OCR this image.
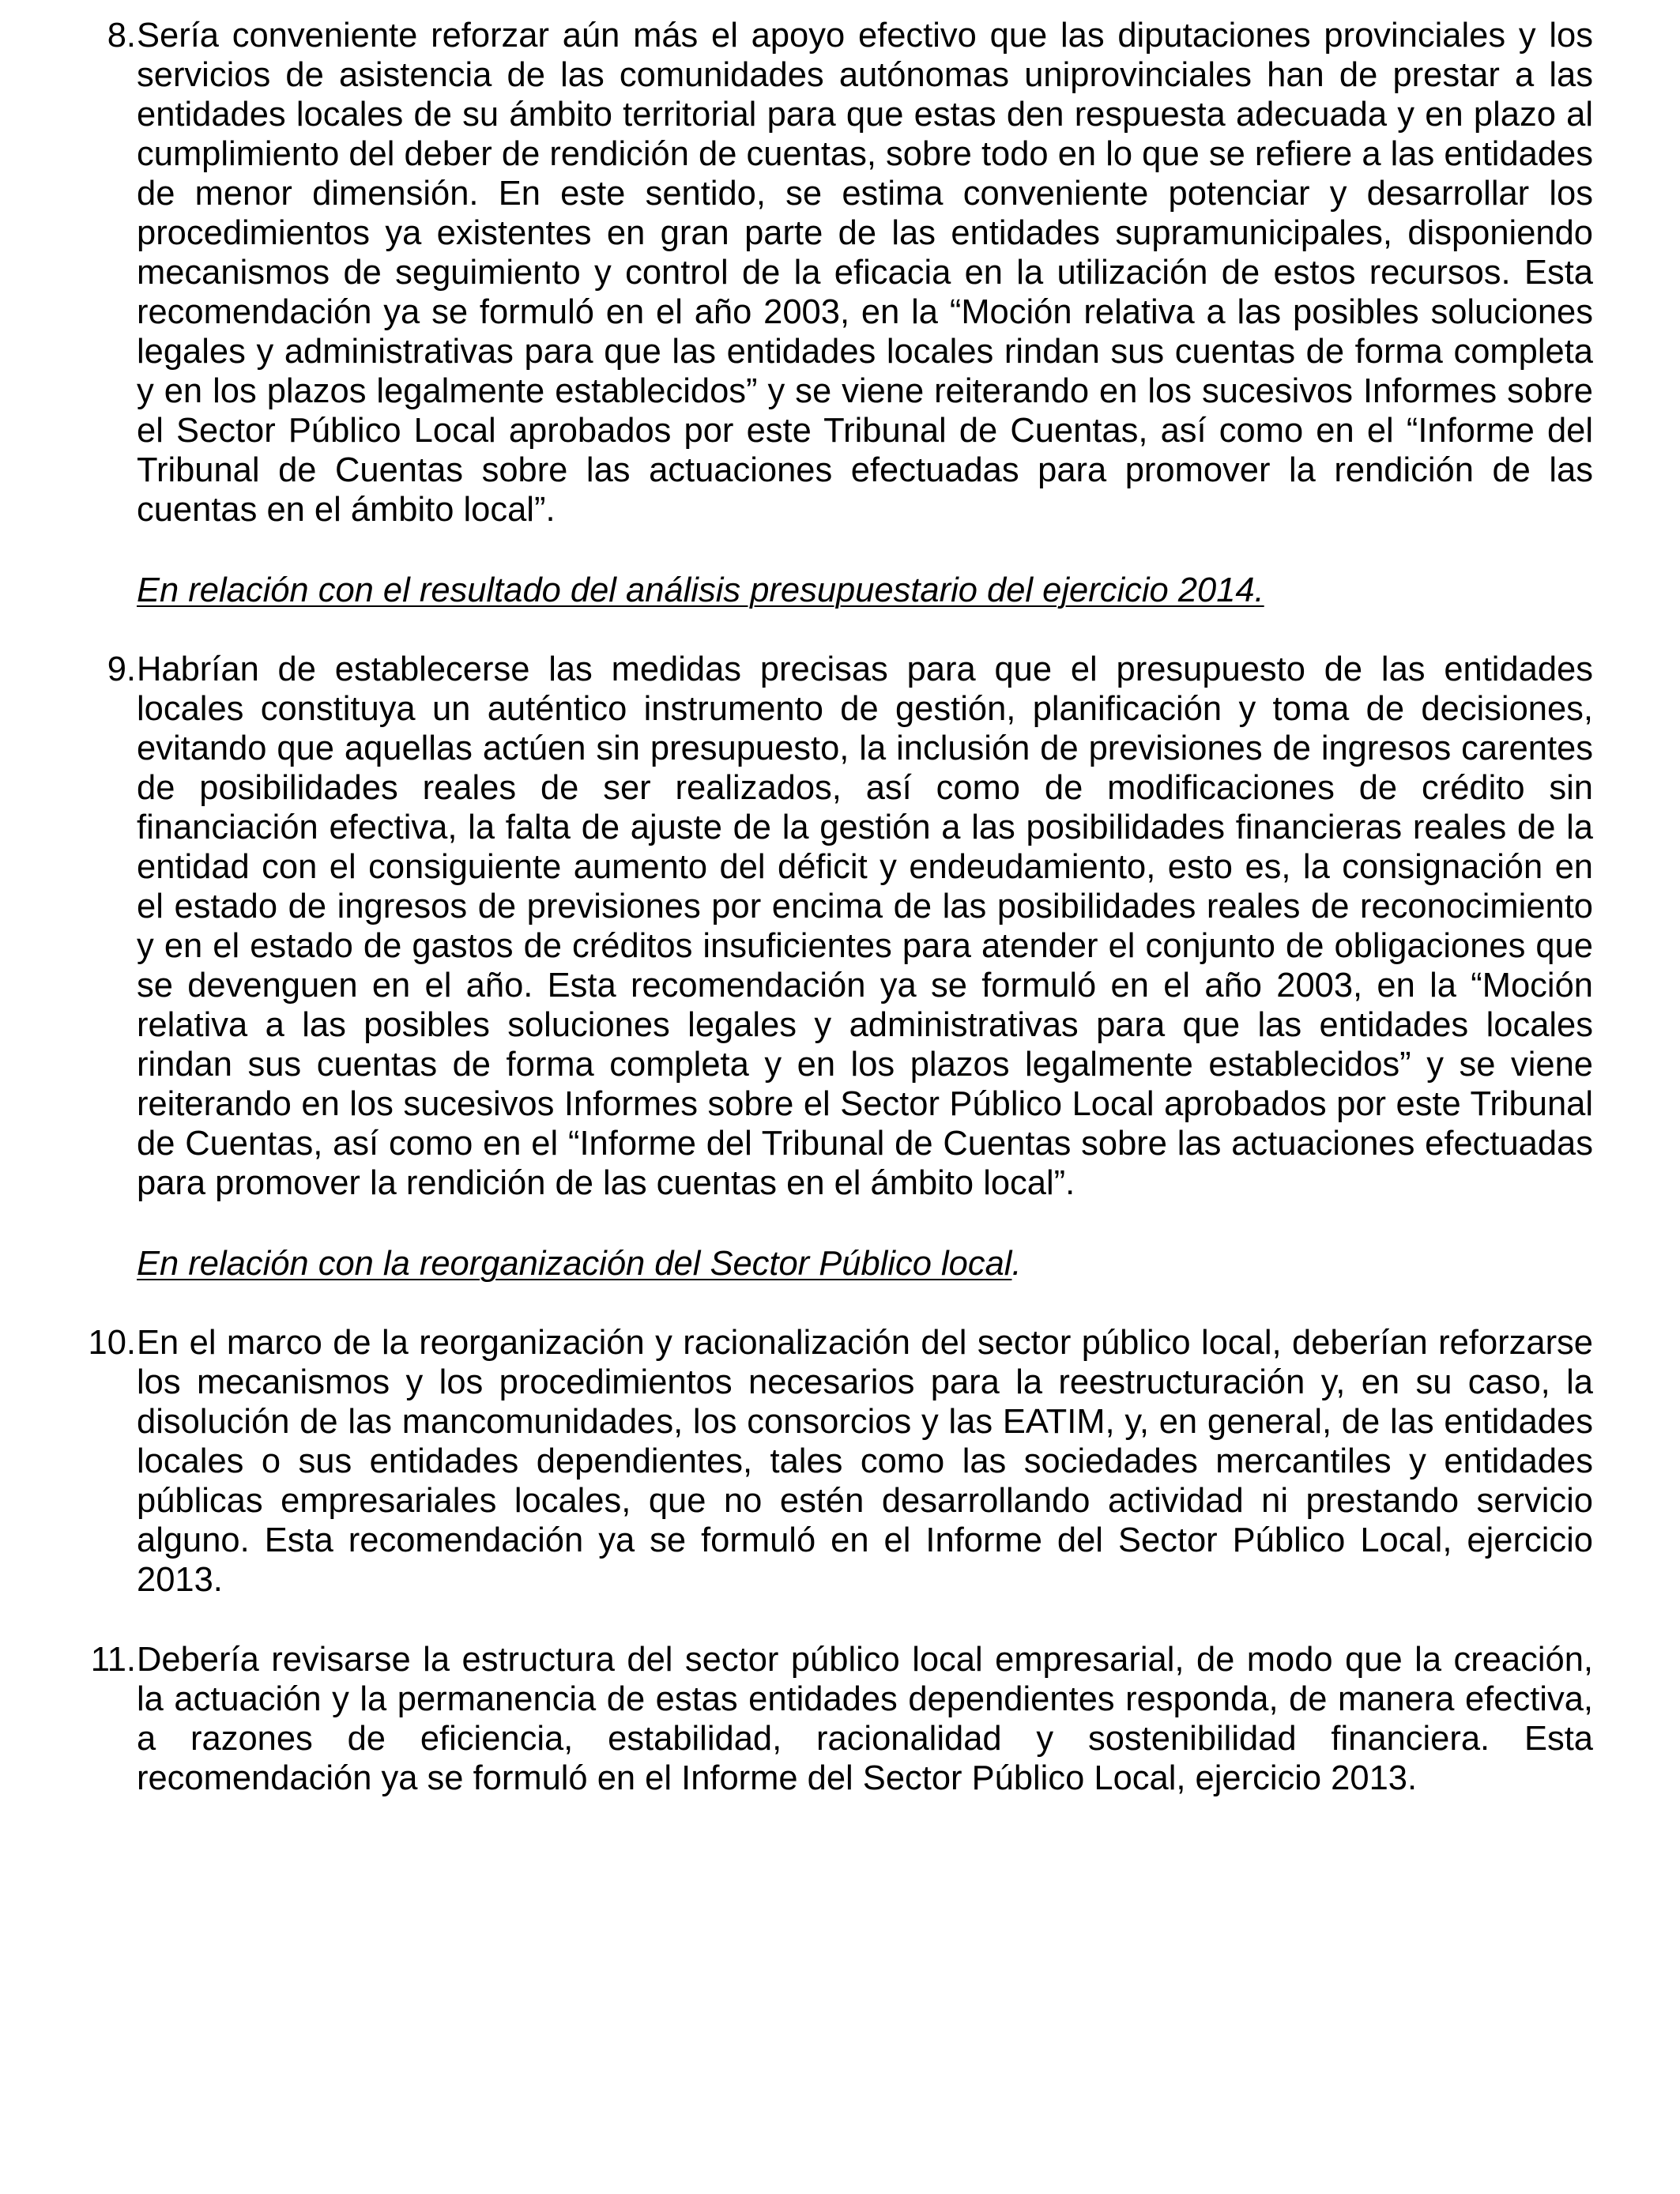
8. Sería conveniente reforzar aún más el apoyo efectivo que las diputaciones provinciales y los servicios de asistencia de las comunidades autónomas uniprovinciales han de prestar a las entidades locales de su ámbito territorial para que estas den respuesta adecuada y en plazo al cumplimiento del deber de rendición de cuentas, sobre todo en lo que se refiere a las entidades de menor dimensión. En este sentido, se estima conveniente potenciar y desarrollar los procedimientos ya existentes en gran parte de las entidades supramunicipales, disponiendo mecanismos de seguimiento y control de la eficacia en la utilización de estos recursos. Esta recomendación ya se formuló en el año 2003, en la “Moción relativa a las posibles soluciones legales y administrativas para que las entidades locales rindan sus cuentas de forma completa y en los plazos legalmente establecidos” y se viene reiterando en los sucesivos Informes sobre el Sector Público Local aprobados por este Tribunal de Cuentas, así como en el “Informe del Tribunal de Cuentas sobre las actuaciones efectuadas para promover la rendición de las cuentas en el ámbito local”.
En relación con el resultado del análisis presupuestario del ejercicio 2014.
9. Habrían de establecerse las medidas precisas para que el presupuesto de las entidades locales constituya un auténtico instrumento de gestión, planificación y toma de decisiones, evitando que aquellas actúen sin presupuesto, la inclusión de previsiones de ingresos carentes de posibilidades reales de ser realizados, así como de modificaciones de crédito sin financiación efectiva, la falta de ajuste de la gestión a las posibilidades financieras reales de la entidad con el consiguiente aumento del déficit y endeudamiento, esto es, la consignación en el estado de ingresos de previsiones por encima de las posibilidades reales de reconocimiento y en el estado de gastos de créditos insuficientes para atender el conjunto de obligaciones que se devenguen en el año. Esta recomendación ya se formuló en el año 2003, en la “Moción relativa a las posibles soluciones legales y administrativas para que las entidades locales rindan sus cuentas de forma completa y en los plazos legalmente establecidos” y se viene reiterando en los sucesivos Informes sobre el Sector Público Local aprobados por este Tribunal de Cuentas, así como en el “Informe del Tribunal de Cuentas sobre las actuaciones efectuadas para promover la rendición de las cuentas en el ámbito local”.
En relación con la reorganización del Sector Público local.
10. En el marco de la reorganización y racionalización del sector público local, deberían reforzarse los mecanismos y los procedimientos necesarios para la reestructuración y, en su caso, la disolución de las mancomunidades, los consorcios y las EATIM, y, en general, de las entidades locales o sus entidades dependientes, tales como las sociedades mercantiles y entidades públicas empresariales locales, que no estén desarrollando actividad ni prestando servicio alguno. Esta recomendación ya se formuló en el Informe del Sector Público Local, ejercicio 2013.
11. Debería revisarse la estructura del sector público local empresarial, de modo que la creación, la actuación y la permanencia de estas entidades dependientes responda, de manera efectiva, a razones de eficiencia, estabilidad, racionalidad y sostenibilidad financiera. Esta recomendación ya se formuló en el Informe del Sector Público Local, ejercicio 2013.
